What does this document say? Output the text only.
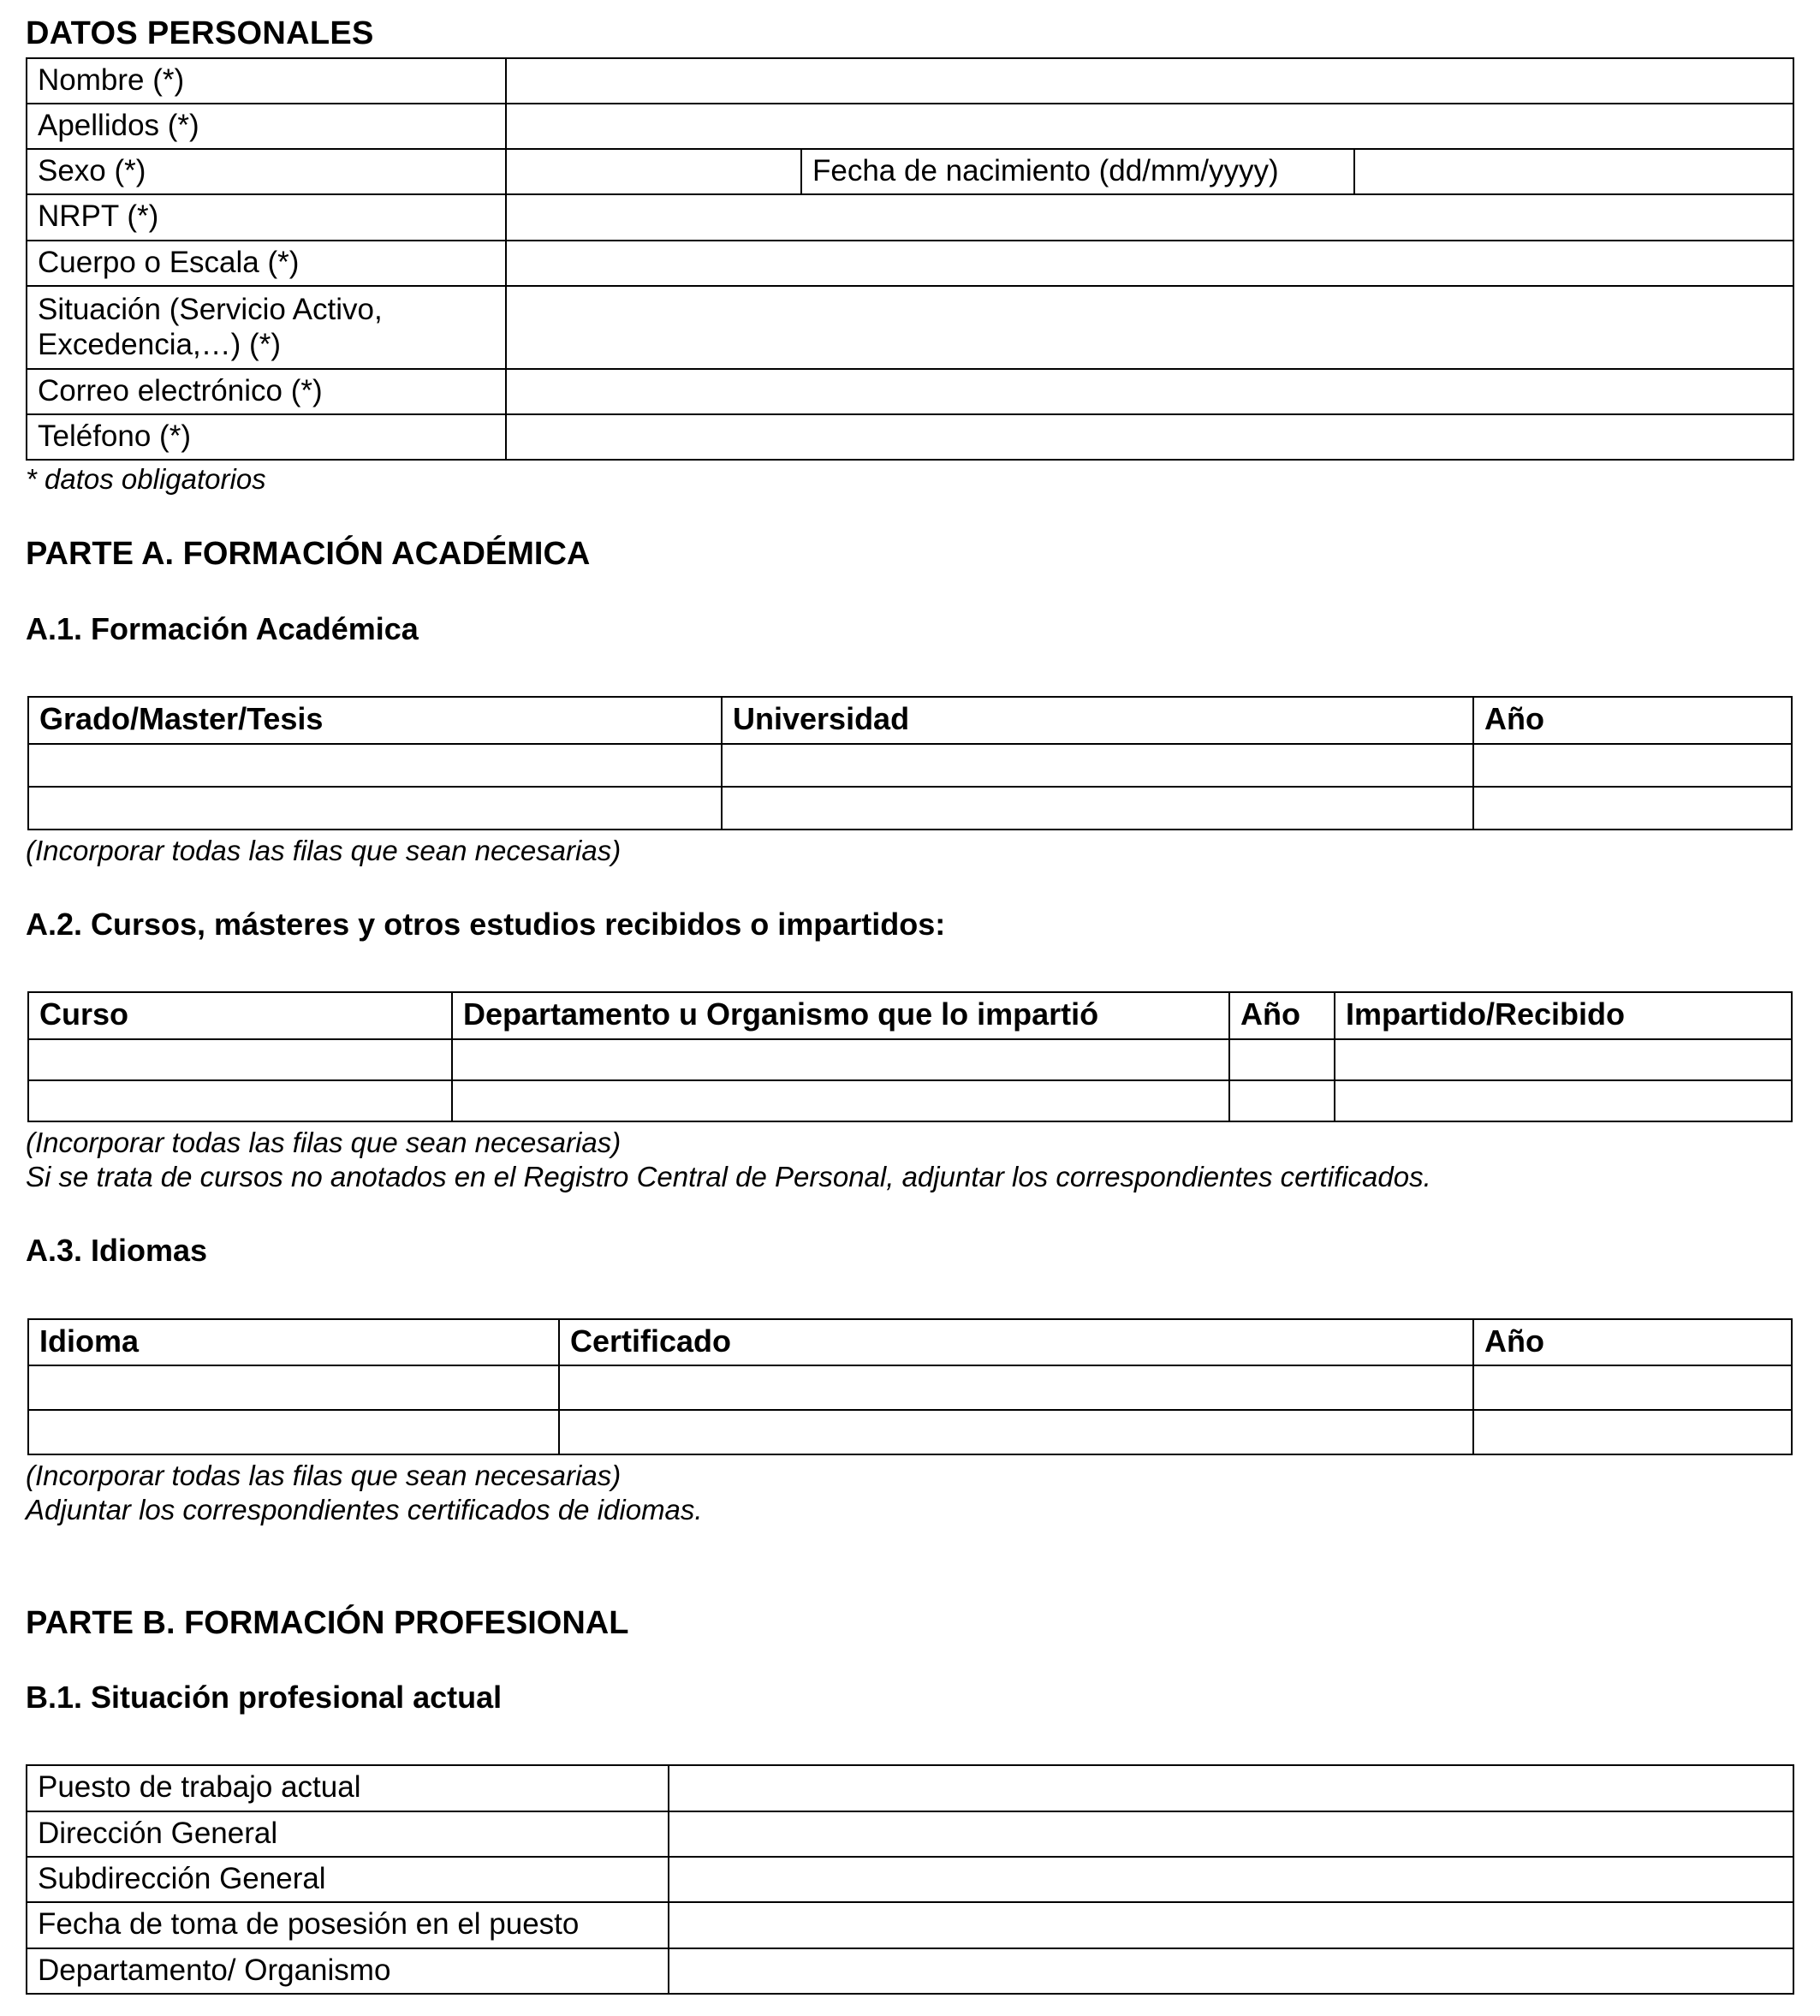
DATOS PERSONALES
Nombre (*)			
Apellidos (*)			
Sexo (*)		Fecha de nacimiento (dd/mm/yyyy)	
NRPT (*)			
Cuerpo o Escala (*)			
Situación (Servicio Activo, Excedencia,…) (*)			
Correo electrónico (*)			
Teléfono (*)			
* datos obligatorios
PARTE A. FORMACIÓN ACADÉMICA
A.1. Formación Académica
Grado/Master/Tesis	Universidad	Año

(Incorporar todas las filas que sean necesarias)
A.2. Cursos, másteres y otros estudios recibidos o impartidos:
Curso	Departamento u Organismo que lo impartió	Año	Impartido/Recibido

(Incorporar todas las filas que sean necesarias)
Si se trata de cursos no anotados en el Registro Central de Personal, adjuntar los correspondientes certificados.
A.3. Idiomas
Idioma	Certificado	Año

(Incorporar todas las filas que sean necesarias)
Adjuntar los correspondientes certificados de idiomas.
PARTE B. FORMACIÓN PROFESIONAL
B.1. Situación profesional actual
Puesto de trabajo actual	
Dirección General	
Subdirección General	
Fecha de toma de posesión en el puesto	
Departamento/ Organismo	
